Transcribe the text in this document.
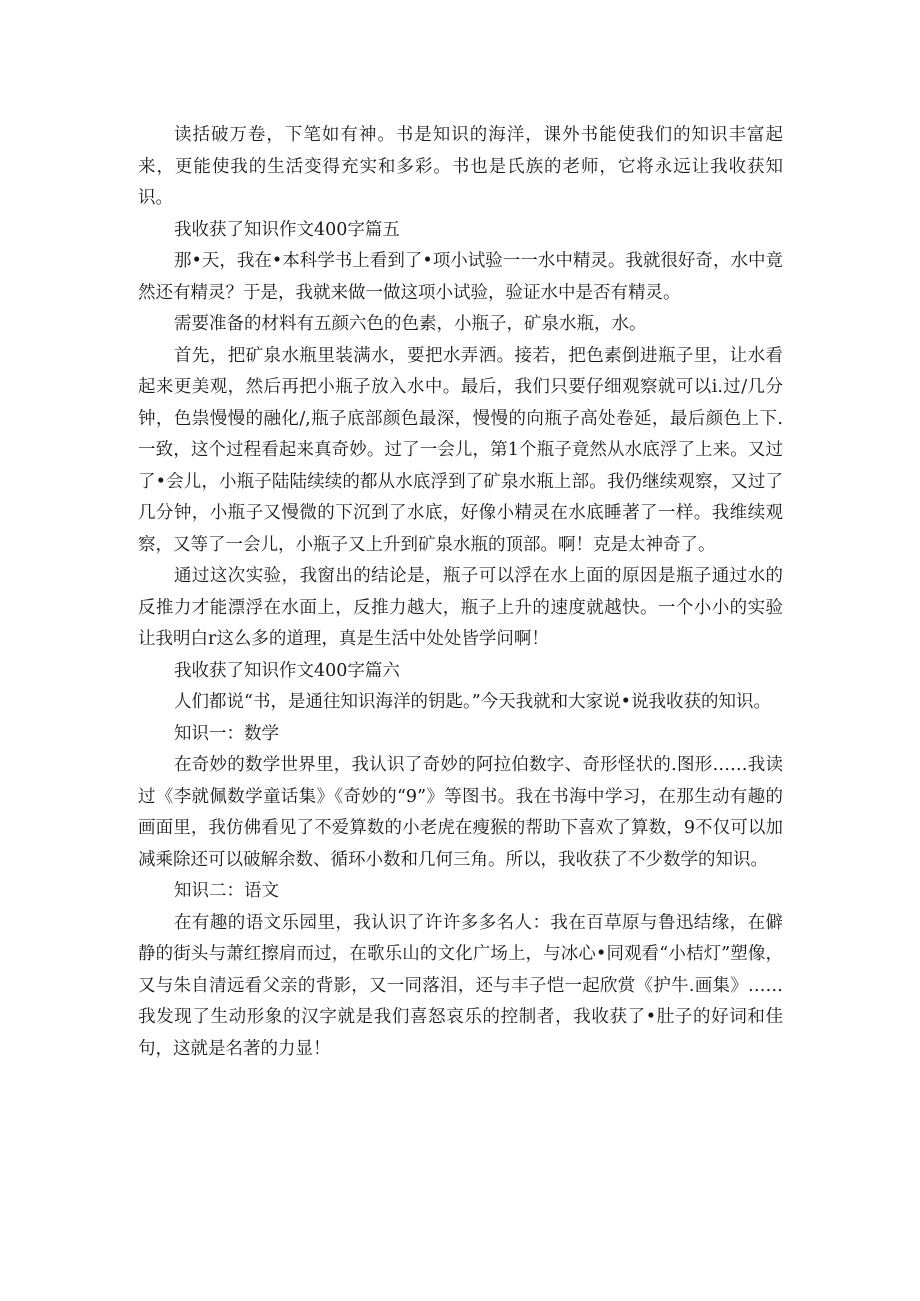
读括破万卷，下笔如有神。书是知识的海洋，课外书能使我们的知识丰富起来，更能使我的生活变得充实和多彩。书也是氏族的老师，它将永远让我收获知识。

我收获了知识作文400字篇五

那•天，我在•本科学书上看到了•项小试验一一水中精灵。我就很好奇，水中竟然还有精灵？于是，我就来做一做这项小试验，验证水中是否有精灵。

需要准备的材料有五颜六色的色素，小瓶子，矿泉水瓶，水。

首先，把矿泉水瓶里装满水，要把水弄洒。接若，把色素倒进瓶子里，让水看起来更美观，然后再把小瓶子放入水中。最后，我们只要仔细观察就可以i.过/几分钟，色祟慢慢的融化/,瓶子底部颜色最深，慢慢的向瓶子高处卷延，最后颜色上下.一致，这个过程看起来真奇妙。过了一会儿，第1个瓶子竟然从水底浮了上来。又过了•会儿，小瓶子陆陆续续的都从水底浮到了矿泉水瓶上部。我仍继续观察，又过了几分钟，小瓶子又慢微的下沉到了水底，好像小精灵在水底睡著了一样。我维续观察，又等了一会儿，小瓶子又上升到矿泉水瓶的顶部。啊！克是太神奇了。

通过这次实验，我窗出的结论是，瓶子可以浮在水上面的原因是瓶子通过水的反推力才能漂浮在水面上，反推力越大，瓶子上升的速度就越快。一个小小的实验让我明白r这么多的道理，真是生活中处处皆学问啊！

我收获了知识作文400字篇六

人们都说“书，是通往知识海洋的钥匙。”今天我就和大家说•说我收获的知识。

知识一：数学

在奇妙的数学世界里，我认识了奇妙的阿拉伯数字、奇形怪状的.图形……我读过《李就佩数学童话集》《奇妙的“9”》等图书。我在书海中学习，在那生动有趣的画面里，我仿佛看见了不爱算数的小老虎在瘦猴的帮助下喜欢了算数，9不仅可以加减乘除还可以破解余数、循环小数和几何三角。所以，我收获了不少数学的知识。

知识二：语文

在有趣的语文乐园里，我认识了许许多多名人：我在百草原与鲁迅结缘，在僻静的街头与萧红擦肩而过，在歌乐山的文化广场上，与冰心•同观看“小桔灯”塑像，又与朱自清远看父亲的背影，又一同落泪，还与丰子恺一起欣赏《护牛.画集》……我发现了生动形象的汉字就是我们喜怒哀乐的控制者，我收获了•肚子的好词和佳句，这就是名著的力显！
